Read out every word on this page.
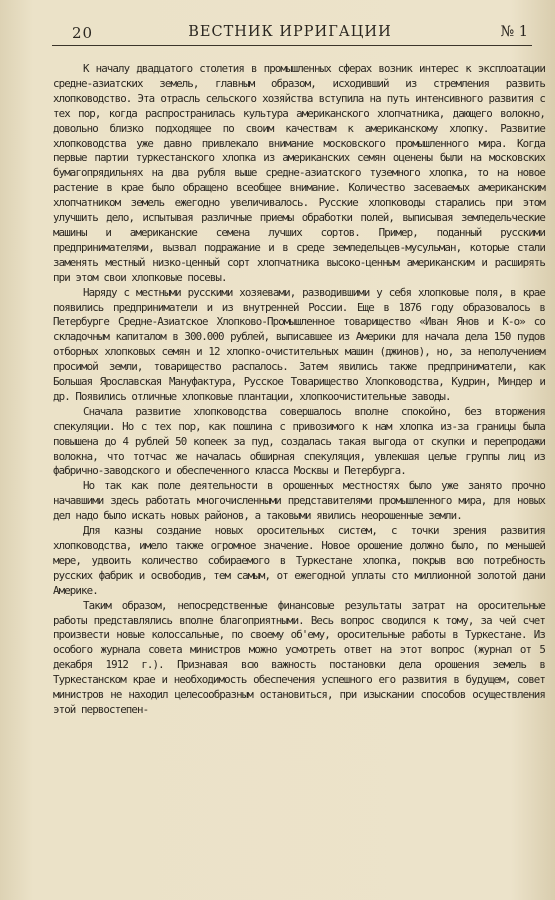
20	ВЕСТНИК ИРРИГАЦИИ	№ 1

К началу двадцатого столетия в промышленных сферах возник интерес к эксплоатации средне-азиатских земель, главным образом, исходивший из стремления развить хлопководство. Эта отрасль сельского хозяйства вступила на путь интенсивного развития с тех пор, когда распространилась культура американского хлопчатника, дающего волокно, довольно близко подходящее по своим качествам к американскому хлопку. Развитие хлопководства уже давно привлекало внимание московского промышленного мира. Когда первые партии туркестанского хлопка из американских семян оценены были на московских бумагопрядильнях на два рубля выше средне-азиатского туземного хлопка, то на новое растение в крае было обращено всеобщее внимание. Количество засеваемых американским хлопчатником земель ежегодно увеличивалось. Русские хлопководы старались при этом улучшить дело, испытывая различные приемы обработки полей, выписывая земледельческие машины и американские семена лучших сортов. Пример, поданный русскими предпринимателями, вызвал подражание и в среде земледельцев-мусульман, которые стали заменять местный низко-ценный сорт хлопчатника высоко-ценным американским и расширять при этом свои хлопковые посевы.

Наряду с местными русскими хозяевами, разводившими у себя хлопковые поля, в крае появились предприниматели и из внутренней России. Еще в 1876 году образовалось в Петербурге Средне-Азиатское Хлопково-Промышленное товарищество «Иван Янов и К-о» со складочным капиталом в 300.000 рублей, выписавшее из Америки для начала дела 150 пудов отборных хлопковых семян и 12 хлопко-очистительных машин (джинов), но, за неполучением просимой земли, товарищество распалось. Затем явились также предприниматели, как Большая Ярославская Мануфактура, Русское Товарищество Хлопководства, Кудрин, Миндер и др. Появились отличные хлопковые плантации, хлопкоочистительные заводы.

Сначала развитие хлопководства совершалось вполне спокойно, без вторжения спекуляции. Но с тех пор, как пошлина с привозимого к нам хлопка из-за границы была повышена до 4 рублей 50 копеек за пуд, создалась такая выгода от скупки и перепродажи волокна, что тотчас же началась обширная спекуляция, увлекшая целые группы лиц из фабрично-заводского и обеспеченного класса Москвы и Петербурга.

Но так как поле деятельности в орошенных местностях было уже занято прочно начавшими здесь работать многочисленными представителями промышленного мира, для новых дел надо было искать новых районов, а таковыми явились неорошенные земли.

Для казны создание новых оросительных систем, с точки зрения развития хлопководства, имело также огромное значение. Новое орошение должно было, по меньшей мере, удвоить количество собираемого в Туркестане хлопка, покрыв всю потребность русских фабрик и освободив, тем самым, от ежегодной уплаты сто миллионной золотой дани Америке.

Таким образом, непосредственные финансовые результаты затрат на оросительные работы представлялись вполне благоприятными. Весь вопрос сводился к тому, за чей счет произвести новые колоссальные, по своему об'ему, оросительные работы в Туркестане. Из особого журнала совета министров можно усмотреть ответ на этот вопрос (журнал от 5 декабря 1912 г.). Признавая всю важность постановки дела орошения земель в Туркестанском крае и необходимость обеспечения успешного его развития в будущем, совет министров не находил целесообразным остановиться, при изыскании способов осуществления этой первостепен-
